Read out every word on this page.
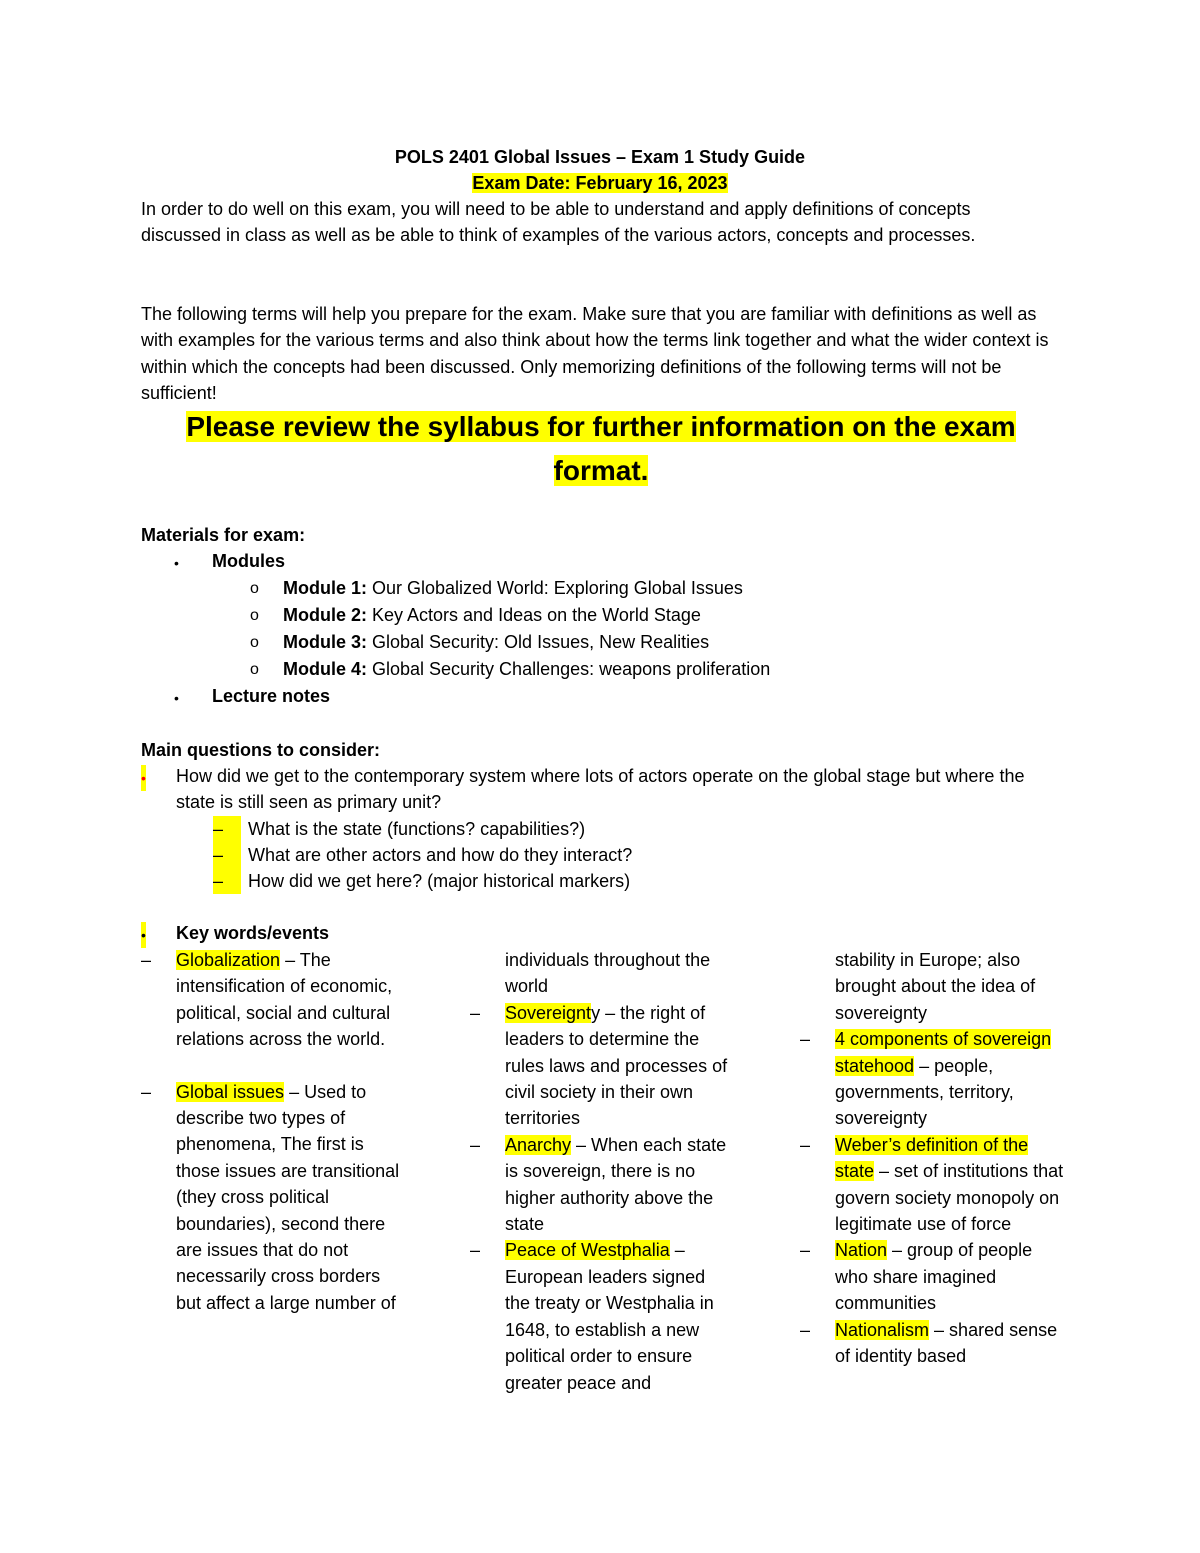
POLS 2401 Global Issues – Exam 1 Study Guide
Exam Date: February 16, 2023
In order to do well on this exam, you will need to be able to understand and apply definitions of concepts discussed in class as well as be able to think of examples of the various actors, concepts and processes.
The following terms will help you prepare for the exam. Make sure that you are familiar with definitions as well as with examples for the various terms and also think about how the terms link together and what the wider context is within which the concepts had been discussed. Only memorizing definitions of the following terms will not be sufficient!
Please review the syllabus for further information on the exam format.
Materials for exam:
• Modules
o Module 1: Our Globalized World: Exploring Global Issues
o Module 2: Key Actors and Ideas on the World Stage
o Module 3: Global Security: Old Issues, New Realities
o Module 4: Global Security Challenges: weapons proliferation
• Lecture notes
Main questions to consider:
• How did we get to the contemporary system where lots of actors operate on the global stage but where the state is still seen as primary unit?
–	What is the state (functions? capabilities?)
–	What are other actors and how do they interact?
–	How did we get here? (major historical markers)
• Key words/events
– Globalization – The intensification of economic, political, social and cultural relations across the world.
– Global issues – Used to describe two types of phenomena, The first is those issues are transitional (they cross political boundaries), second there are issues that do not necessarily cross borders but affect a large number of
individuals throughout the world
– Sovereignty – the right of leaders to determine the rules laws and processes of civil society in their own territories
– Anarchy – When each state is sovereign, there is no higher authority above the state
– Peace of Westphalia – European leaders signed the treaty or Westphalia in 1648, to establish a new political order to ensure greater peace and
stability in Europe; also brought about the idea of sovereignty
– 4 components of sovereign statehood – people, governments, territory, sovereignty
– Weber’s definition of the state – set of institutions that govern society monopoly on legitimate use of force
– Nation – group of people who share imagined communities
– Nationalism – shared sense of identity based
